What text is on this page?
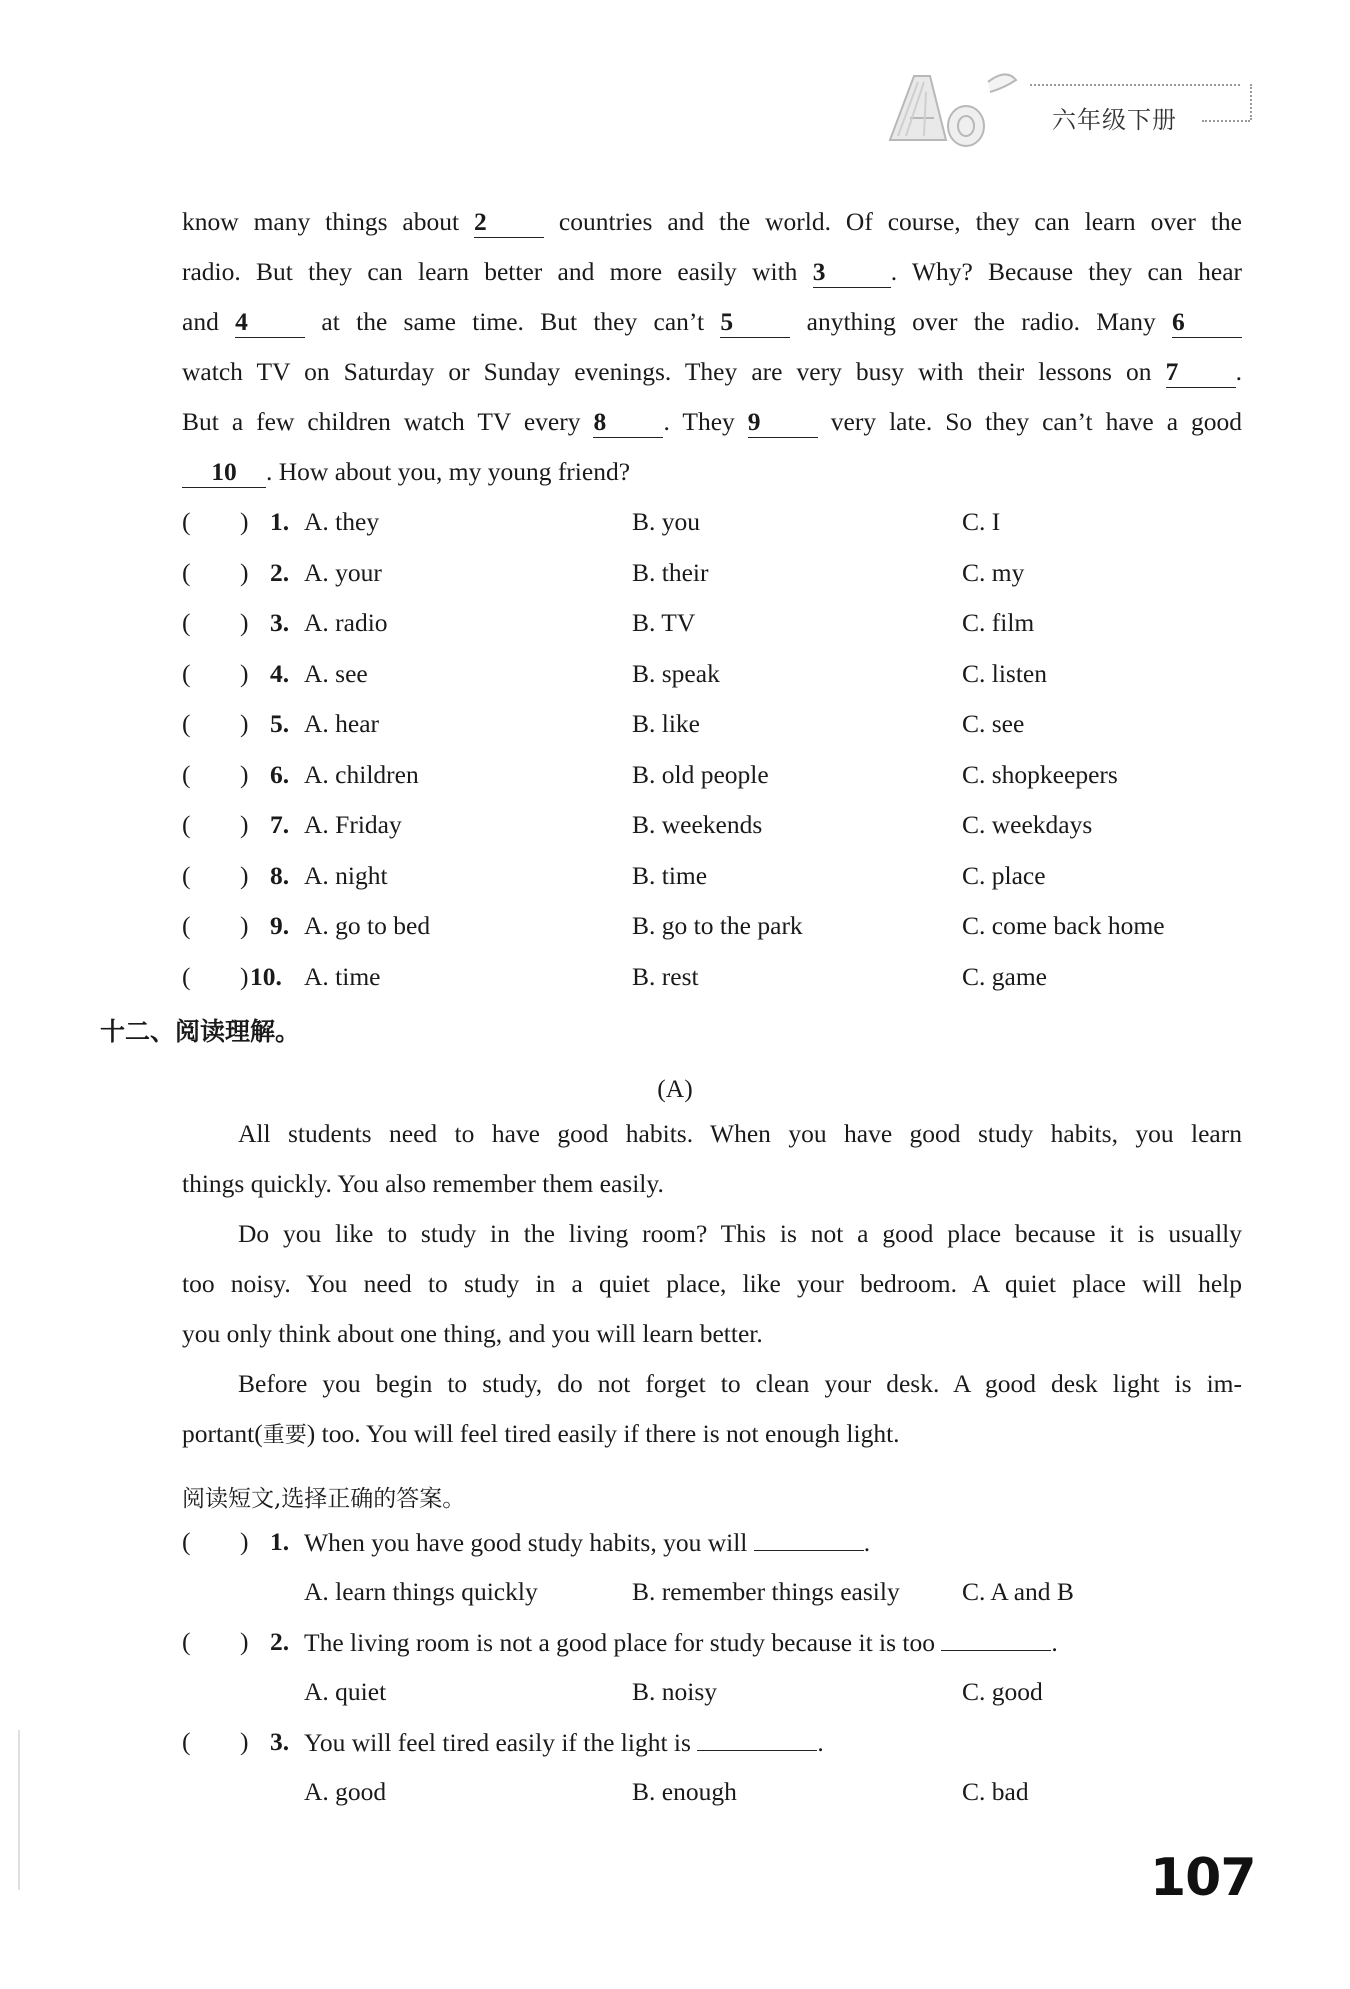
六年级下册
know many things about 2	countries and the world. Of course, they can learn over the
radio. But they can learn better and more easily with 3	. Why? Because they can hear
and 4	at the same time. But they can’t 5	anything over the radio. Many 6
watch TV on Saturday or Sunday evenings. They are very busy with their lessons on 7 .
But a few children watch TV every 8 . They 9	very late. So they can’t have a good
10 . How about you, my young friend?
( ) 1. A. they	B. you	C. I
( ) 2. A. your	B. their	C. my
( ) 3. A. radio	B. TV	C. film
( ) 4. A. see	B. speak	C. listen
( ) 5. A. hear	B. like	C. see
( ) 6. A. children	B. old people	C. shopkeepers
( ) 7. A. Friday	B. weekends	C. weekdays
( ) 8. A. night	B. time	C. place
( ) 9. A. go to bed	B. go to the park	C. come back home
( ) 10. A. time	B. rest	C. game
十二、阅读理解。
(A)
All students need to have good habits. When you have good study habits, you learn
things quickly. You also remember them easily.
Do you like to study in the living room? This is not a good place because it is usually
too noisy. You need to study in a quiet place, like your bedroom. A quiet place will help
you only think about one thing, and you will learn better.
Before you begin to study, do not forget to clean your desk. A good desk light is im-
portant(重要) too. You will feel tired easily if there is not enough light.
阅读短文,选择正确的答案。
( ) 1. When you have good study habits, you will	.
A. learn things quickly	B. remember things easily C. A and B
( ) 2. The living room is not a good place for study because it is too	.
A. quiet	B. noisy	C. good
( ) 3. You will feel tired easily if the light is	.
A. good	B. enough	C. bad
107
